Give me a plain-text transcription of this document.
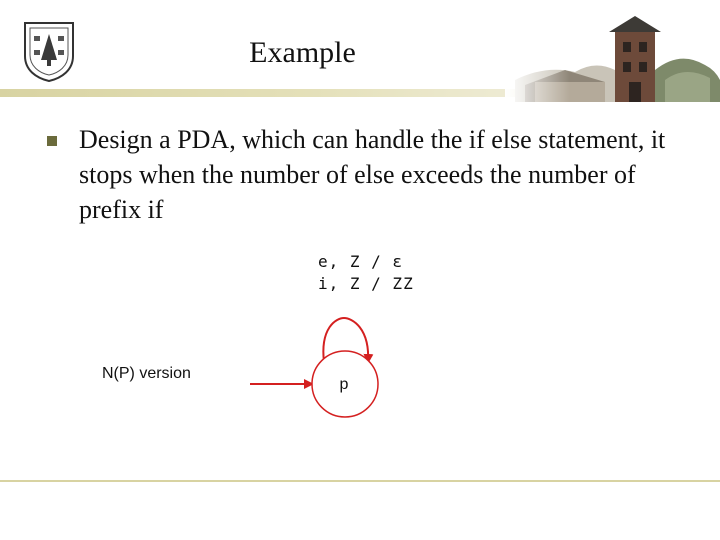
Example
Design a PDA, which can handle the if else statement, it stops when the number of else exceeds the number of prefix if
e, Z / ε
i, Z / ZZ
p
N(P) version
